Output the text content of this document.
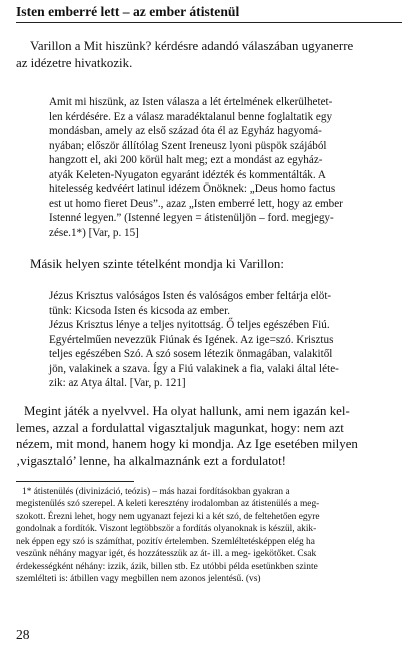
Isten emberré lett – az ember átistenül
Varillon a Mit hiszünk? kérdésre adandó válaszában ugyanerre
az idézetre hivatkozik.
Amit mi hiszünk, az Isten válasza a lét értelmének elkerülhetet-
len kérdésére. Ez a válasz maradéktalanul benne foglaltatik egy
mondásban, amely az első század óta él az Egyház hagyomá-
nyában; először állítólag Szent Ireneusz lyoni püspök szájából
hangzott el, aki 200 körül halt meg; ezt a mondást az egyház-
atyák Keleten-Nyugaton egyaránt idézték és kommentálták. A
hitelesség kedvéért latinul idézem Önöknek: „Deus homo factus
est ut homo fieret Deus”., azaz „Isten emberré lett, hogy az ember
Istenné legyen.” (Istenné legyen = átistenüljön – ford. megjegy-
zése.1*) [Var, p. 15]
Másik helyen szinte tételként mondja ki Varillon:
Jézus Krisztus valóságos Isten és valóságos ember feltárja elöt-
tünk: Kicsoda Isten és kicsoda az ember.
Jézus Krisztus lénye a teljes nyitottság. Ő teljes egészében Fiú.
Egyértelműen nevezzük Fiúnak és Igének. Az ige=szó. Krisztus
teljes egészében Szó. A szó sosem létezik önmagában, valakitől
jön, valakinek a szava. Így a Fiú valakinek a fia, valaki által léte-
zik: az Atya által. [Var, p. 121]
Megint játék a nyelvvel. Ha olyat hallunk, ami nem igazán kel-
lemes, azzal a fordulattal vigasztaljuk magunkat, hogy: nem azt
nézem, mit mond, hanem hogy ki mondja. Az Ige esetében milyen
‚vigasztaló’ lenne, ha alkalmaznánk ezt a fordulatot!
1* átistenülés (divinizáció, teózis) – más hazai fordításokban gyakran a
megistenülés szó szerepel. A keleti keresztény irodalomban az átistenülés a meg-
szokott. Érezni lehet, hogy nem ugyanazt fejezi ki a két szó, de feltehetően egyre
gondolnak a fordítók. Viszont legtöbbször a fordítás olyanoknak is készül, akik-
nek éppen egy szó is számíthat, pozitív értelemben. Szemléltetésképpen elég ha
veszünk néhány magyar igét, és hozzátesszük az át- ill. a meg- igekötőket. Csak
érdekességként néhány: izzik, ázik, billen stb. Ez utóbbi példa esetünkben szinte
szemlélteti is: átbillen vagy megbillen nem azonos jelentésű. (vs)
28
